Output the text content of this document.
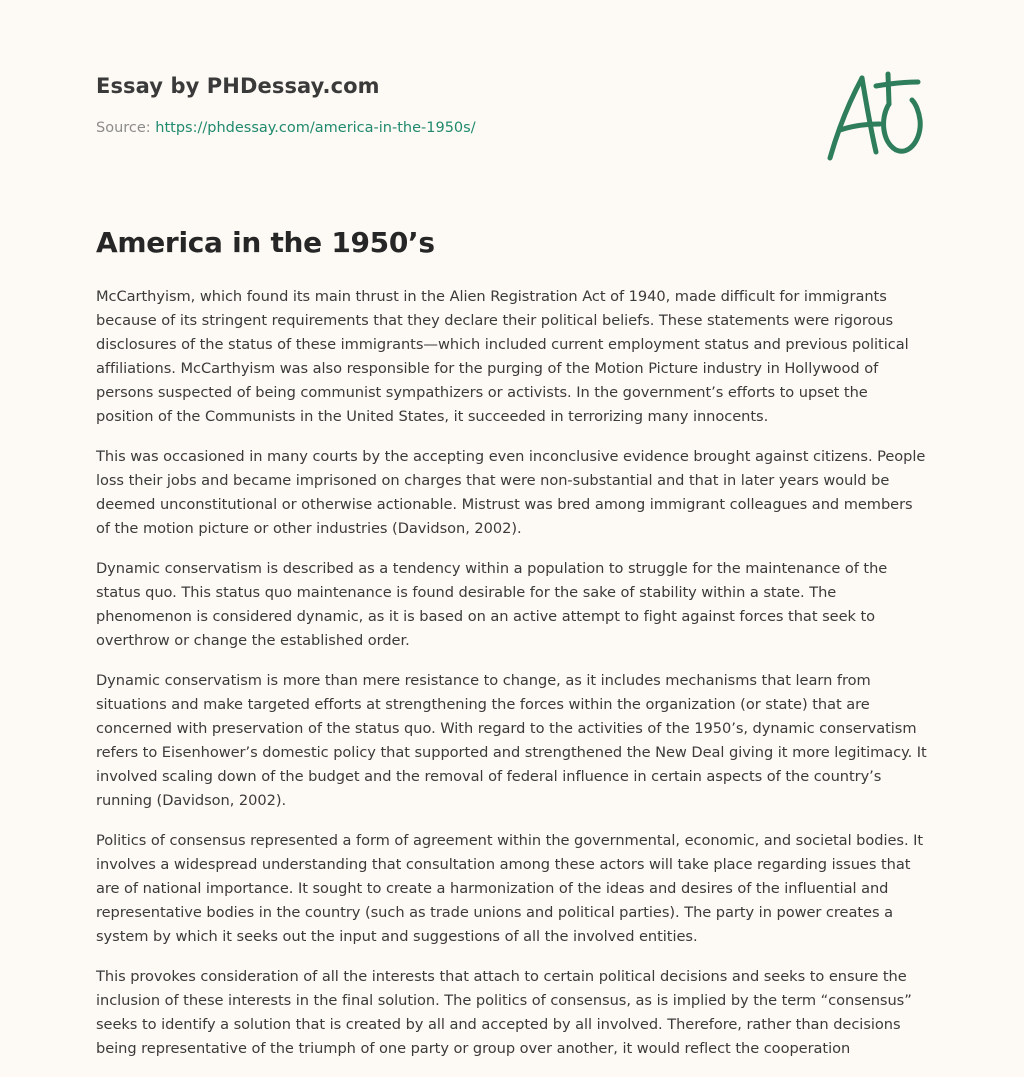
Essay by PHDessay.com
Source: https://phdessay.com/america-in-the-1950s/
America in the 1950’s

McCarthyism, which found its main thrust in the Alien Registration Act of 1940, made difficult for immigrants because of its stringent requirements that they declare their political beliefs. These statements were rigorous disclosures of the status of these immigrants—which included current employment status and previous political affiliations. McCarthyism was also responsible for the purging of the Motion Picture industry in Hollywood of persons suspected of being communist sympathizers or activists. In the government’s efforts to upset the position of the Communists in the United States, it succeeded in terrorizing many innocents.

This was occasioned in many courts by the accepting even inconclusive evidence brought against citizens. People loss their jobs and became imprisoned on charges that were non-substantial and that in later years would be deemed unconstitutional or otherwise actionable. Mistrust was bred among immigrant colleagues and members of the motion picture or other industries (Davidson, 2002).

Dynamic conservatism is described as a tendency within a population to struggle for the maintenance of the status quo. This status quo maintenance is found desirable for the sake of stability within a state. The phenomenon is considered dynamic, as it is based on an active attempt to fight against forces that seek to overthrow or change the established order.

Dynamic conservatism is more than mere resistance to change, as it includes mechanisms that learn from situations and make targeted efforts at strengthening the forces within the organization (or state) that are concerned with preservation of the status quo. With regard to the activities of the 1950’s, dynamic conservatism refers to Eisenhower’s domestic policy that supported and strengthened the New Deal giving it more legitimacy. It involved scaling down of the budget and the removal of federal influence in certain aspects of the country’s running (Davidson, 2002).

Politics of consensus represented a form of agreement within the governmental, economic, and societal bodies. It involves a widespread understanding that consultation among these actors will take place regarding issues that are of national importance. It sought to create a harmonization of the ideas and desires of the influential and representative bodies in the country (such as trade unions and political parties). The party in power creates a system by which it seeks out the input and suggestions of all the involved entities.

This provokes consideration of all the interests that attach to certain political decisions and seeks to ensure the inclusion of these interests in the final solution. The politics of consensus, as is implied by the term “consensus” seeks to identify a solution that is created by all and accepted by all involved. Therefore, rather than decisions being representative of the triumph of one party or group over another, it would reflect the cooperation
